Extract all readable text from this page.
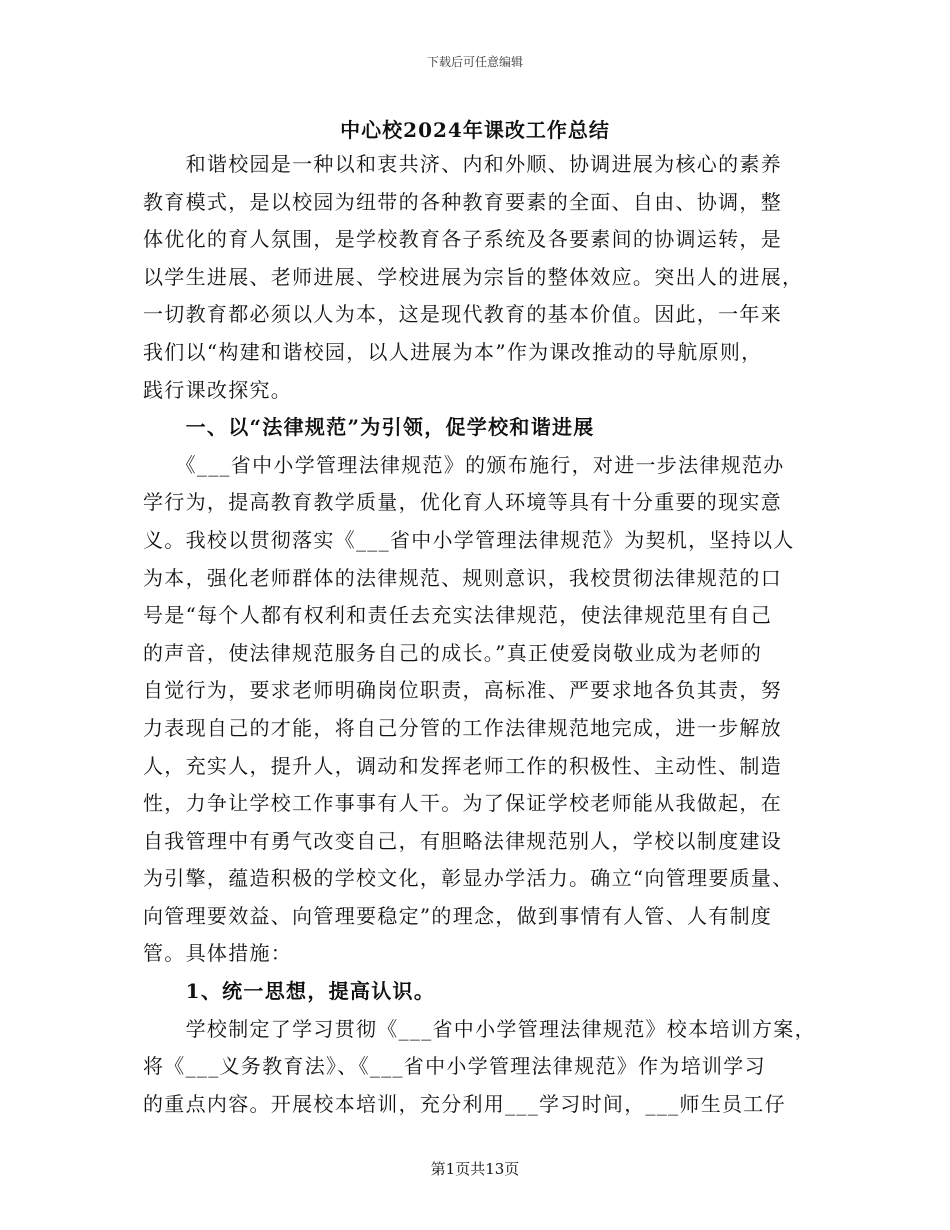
下载后可任意编辑
中心校2024年课改工作总结
　　和谐校园是一种以和衷共济、内和外顺、协调进展为核心的素养
教育模式，是以校园为纽带的各种教育要素的全面、自由、协调，整
体优化的育人氛围，是学校教育各子系统及各要素间的协调运转，是
以学生进展、老师进展、学校进展为宗旨的整体效应。突出人的进展，
一切教育都必须以人为本，这是现代教育的基本价值。因此，一年来
我们以“构建和谐校园，以人进展为本”作为课改推动的导航原则，
践行课改探究。
　　一、以“法律规范”为引领，促学校和谐进展
　　《___省中小学管理法律规范》的颁布施行，对进一步法律规范办
学行为，提高教育教学质量，优化育人环境等具有十分重要的现实意
义。我校以贯彻落实《___省中小学管理法律规范》为契机，坚持以人
为本，强化老师群体的法律规范、规则意识，我校贯彻法律规范的口
号是“每个人都有权利和责任去充实法律规范，使法律规范里有自己
的声音，使法律规范服务自己的成长。”真正使爱岗敬业成为老师的
自觉行为，要求老师明确岗位职责，高标准、严要求地各负其责，努
力表现自己的才能，将自己分管的工作法律规范地完成，进一步解放
人，充实人，提升人，调动和发挥老师工作的积极性、主动性、制造
性，力争让学校工作事事有人干。为了保证学校老师能从我做起，在
自我管理中有勇气改变自己，有胆略法律规范别人，学校以制度建设
为引擎，蕴造积极的学校文化，彰显办学活力。确立“向管理要质量、
向管理要效益、向管理要稳定”的理念，做到事情有人管、人有制度
管。具体措施：
　　1、统一思想，提高认识。
　　学校制定了学习贯彻《___省中小学管理法律规范》校本培训方案，
将《___义务教育法》、《___省中小学管理法律规范》作为培训学习
的重点内容。开展校本培训，充分利用___学习时间，___师生员工仔
第1页共13页
